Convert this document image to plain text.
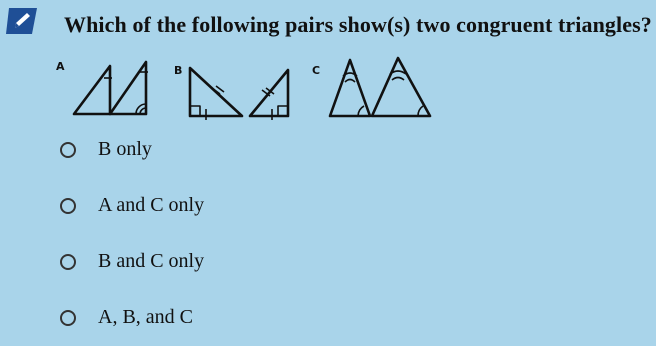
Which of the following pairs show(s) two congruent triangles?
A	B	C
B only
A and C only
B and C only
A, B, and C
